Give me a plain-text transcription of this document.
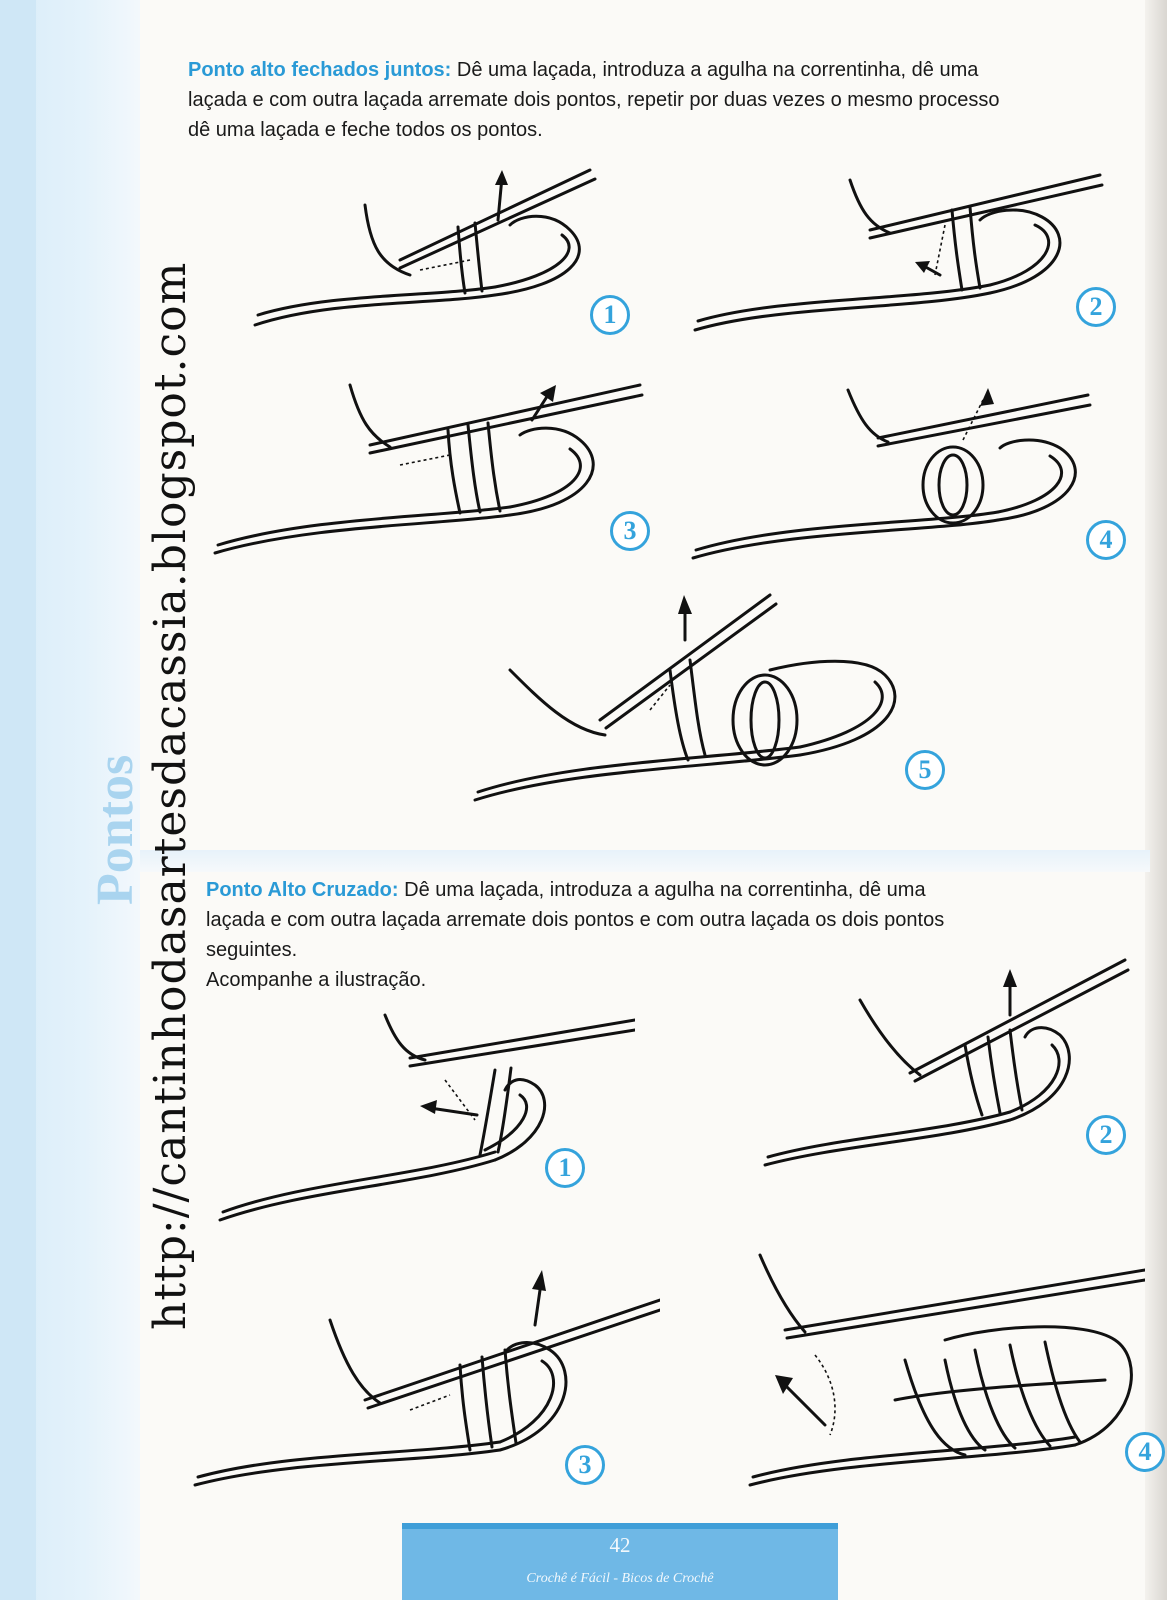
Pontos http://cantinhodasartesdacassia.blogspot.com
Ponto alto fechados juntos: Dê uma laçada, introduza a agulha na correntinha, dê uma
laçada e com outra laçada arremate dois pontos, repetir por duas vezes o mesmo processo
dê uma laçada e feche todos os pontos.
1	2
3	4
5
Ponto Alto Cruzado: Dê uma laçada, introduza a agulha na correntinha, dê uma
laçada e com outra laçada arremate dois pontos e com outra laçada os dois pontos
seguintes.
Acompanhe a ilustração.
1
2
3	4
42
Crochê é Fácil - Bicos de Crochê
